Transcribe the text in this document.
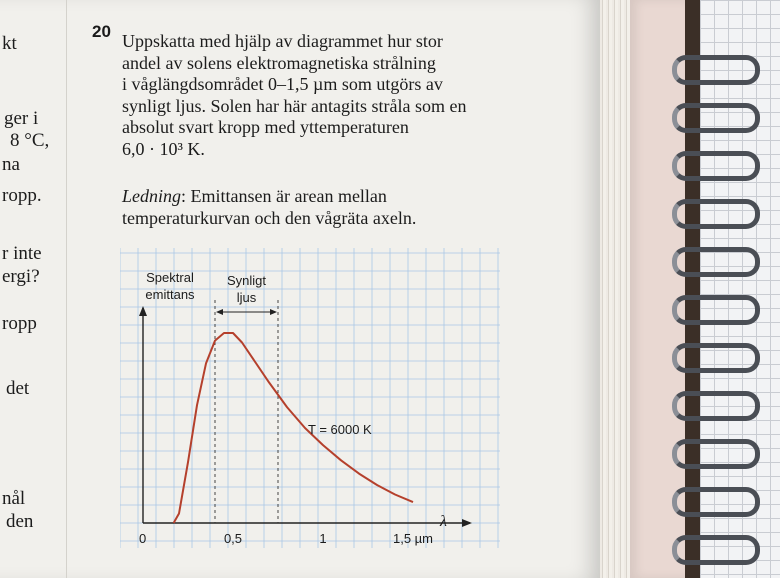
kt
ger i
8 °C,
na
ropp.
r inte
ergi?
ropp
det
nål
den
20 Uppskatta med hjälp av diagrammet hur stor
andel av solens elektromagnetiska strålning
i våglängdsområdet 0–1,5 µm som utgörs av
synligt ljus. Solen har här antagits stråla som en
absolut svart kropp med yttemperaturen
6,0 · 10³ K.
Ledning: Emittansen är arean mellan
temperaturkurvan och den vågräta axeln.
Spektral
emittans
Synligt
ljus
λ
0	0,5	1	1,5 µm
T = 6000 K
